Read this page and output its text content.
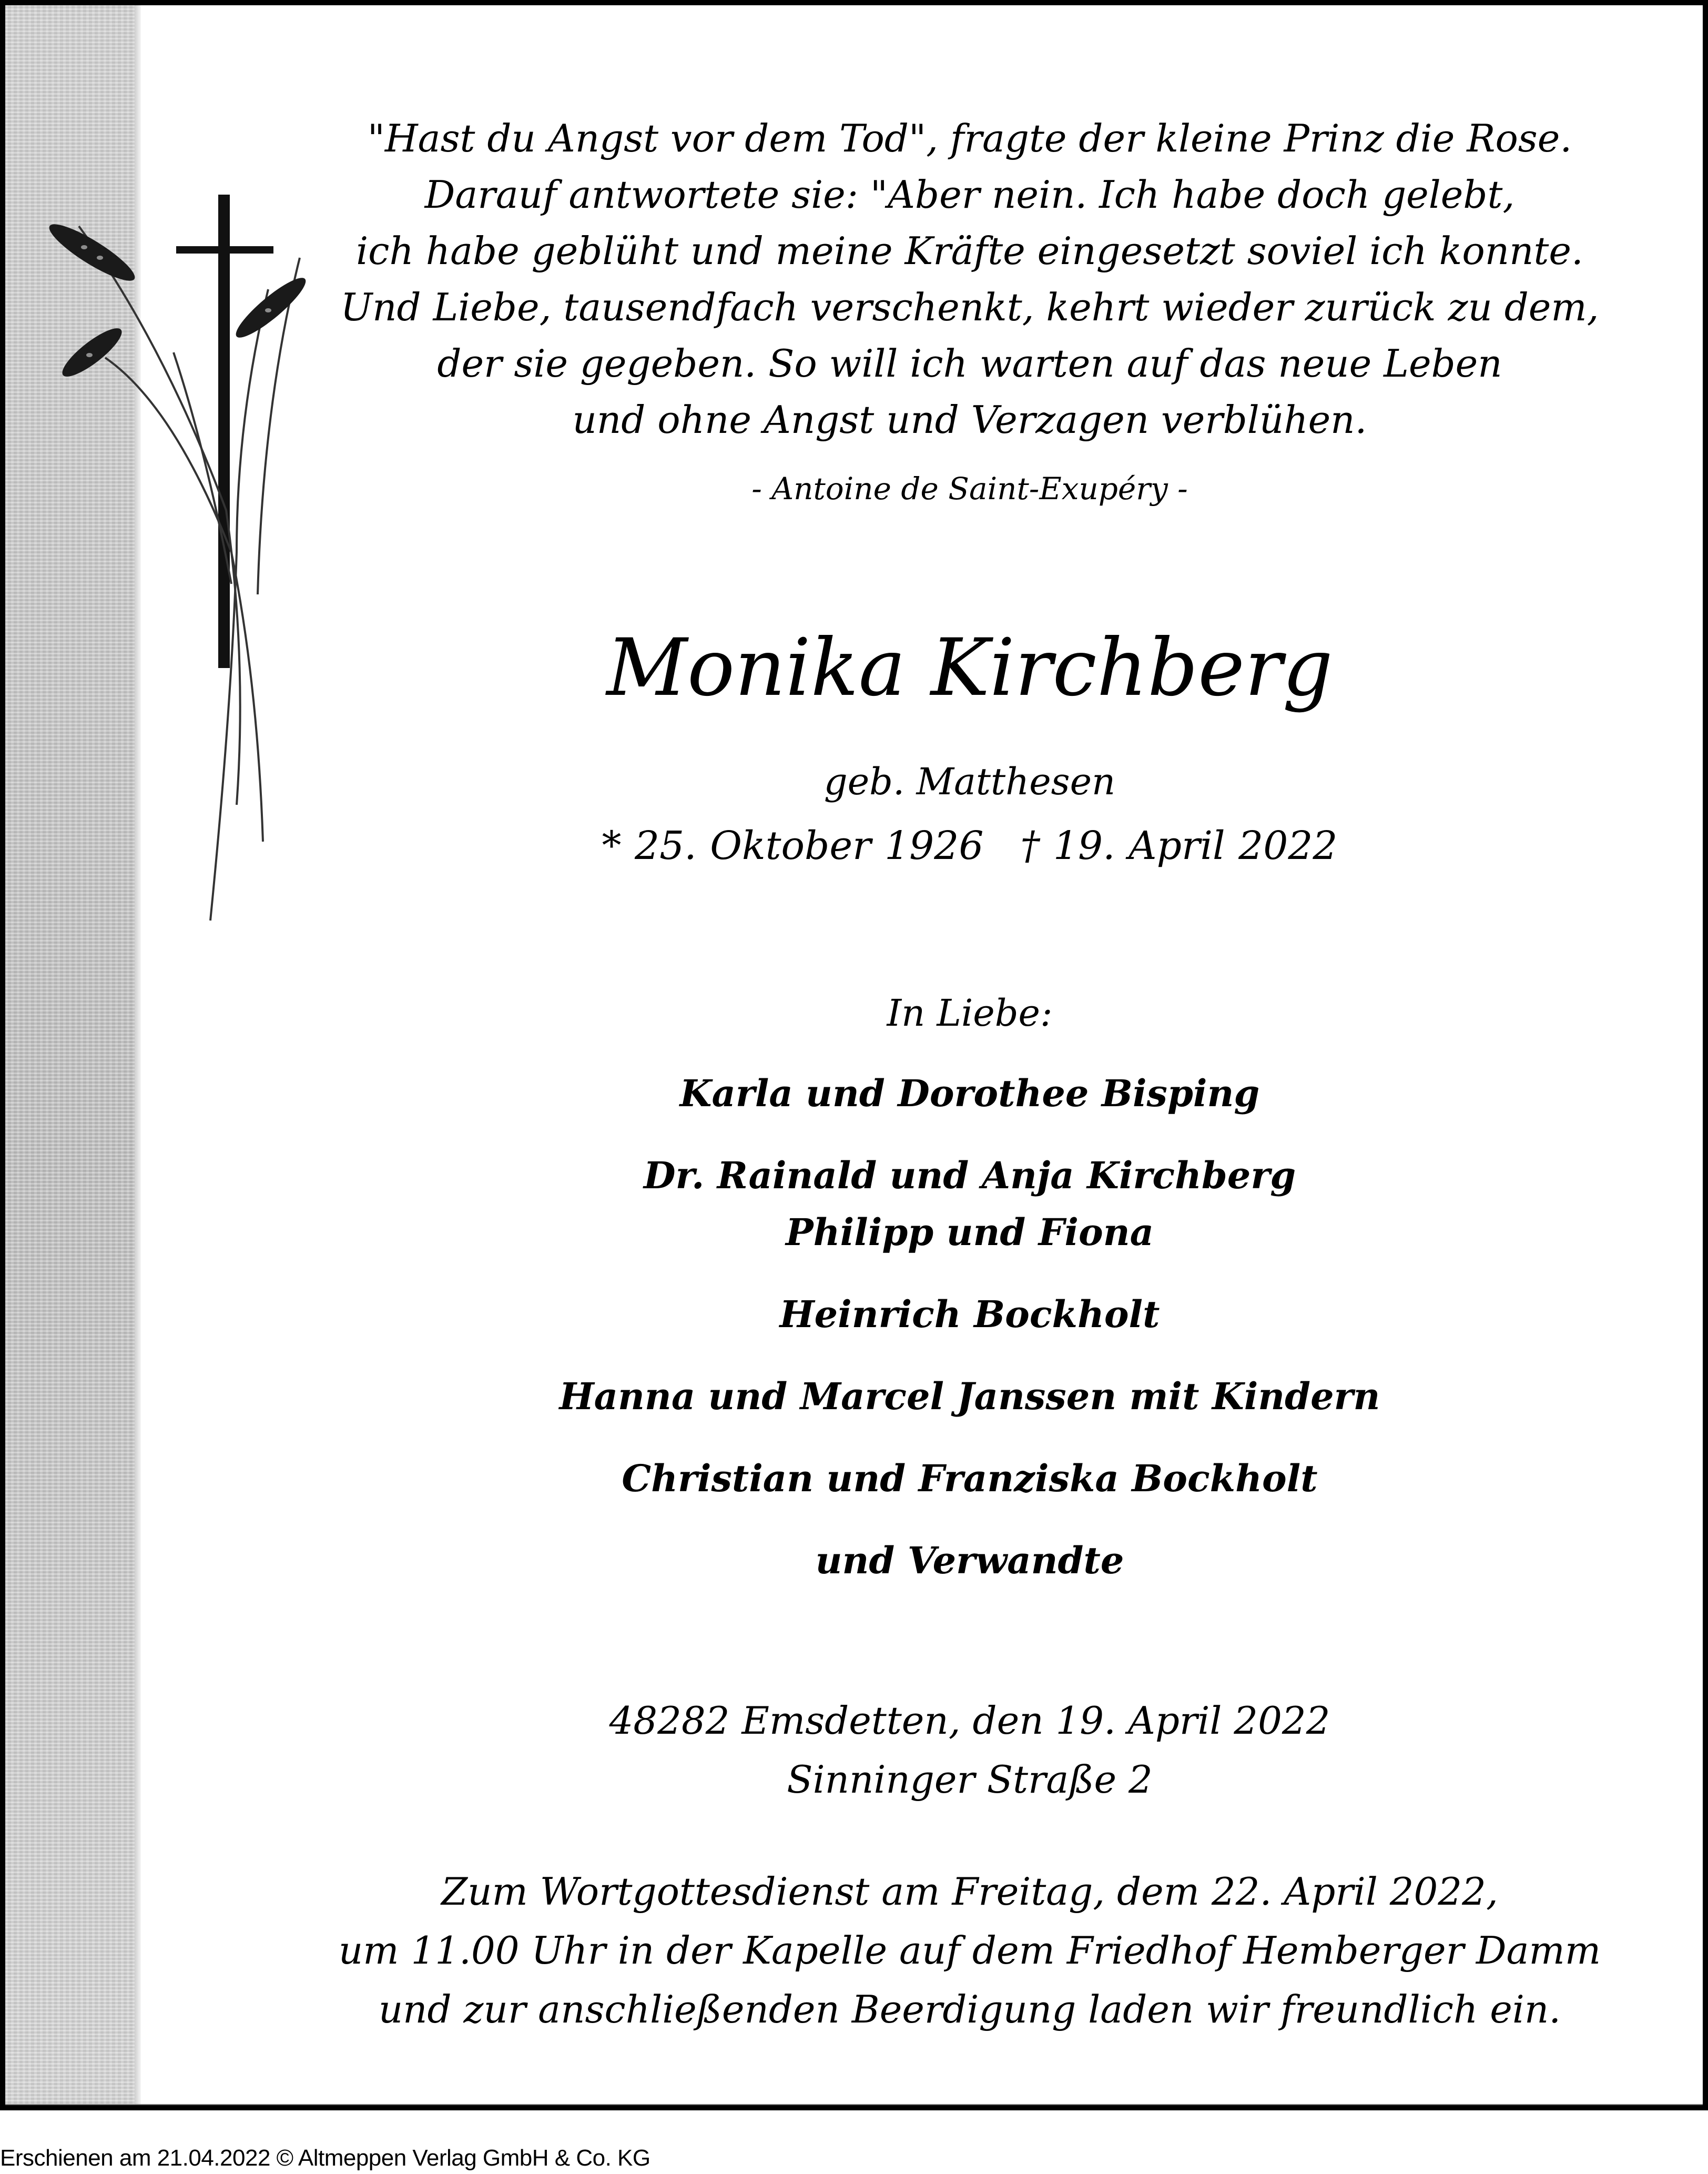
"Hast du Angst vor dem Tod", fragte der kleine Prinz die Rose.
Darauf antwortete sie: "Aber nein. Ich habe doch gelebt,
ich habe geblüht und meine Kräfte eingesetzt soviel ich konnte.
Und Liebe, tausendfach verschenkt, kehrt wieder zurück zu dem,
der sie gegeben. So will ich warten auf das neue Leben
und ohne Angst und Verzagen verblühen.
- Antoine de Saint-Exupéry -
Monika Kirchberg
geb. Matthesen
* 25. Oktober 1926 † 19. April 2022
In Liebe:
Karla und Dorothee Bisping
Dr. Rainald und Anja Kirchberg
Philipp und Fiona
Heinrich Bockholt
Hanna und Marcel Janssen mit Kindern
Christian und Franziska Bockholt
und Verwandte
48282 Emsdetten, den 19. April 2022
Sinninger Straße 2
Zum Wortgottesdienst am Freitag, dem 22. April 2022,
um 11.00 Uhr in der Kapelle auf dem Friedhof Hemberger Damm
und zur anschließenden Beerdigung laden wir freundlich ein.
Erschienen am 21.04.2022 © Altmeppen Verlag GmbH & Co. KG
